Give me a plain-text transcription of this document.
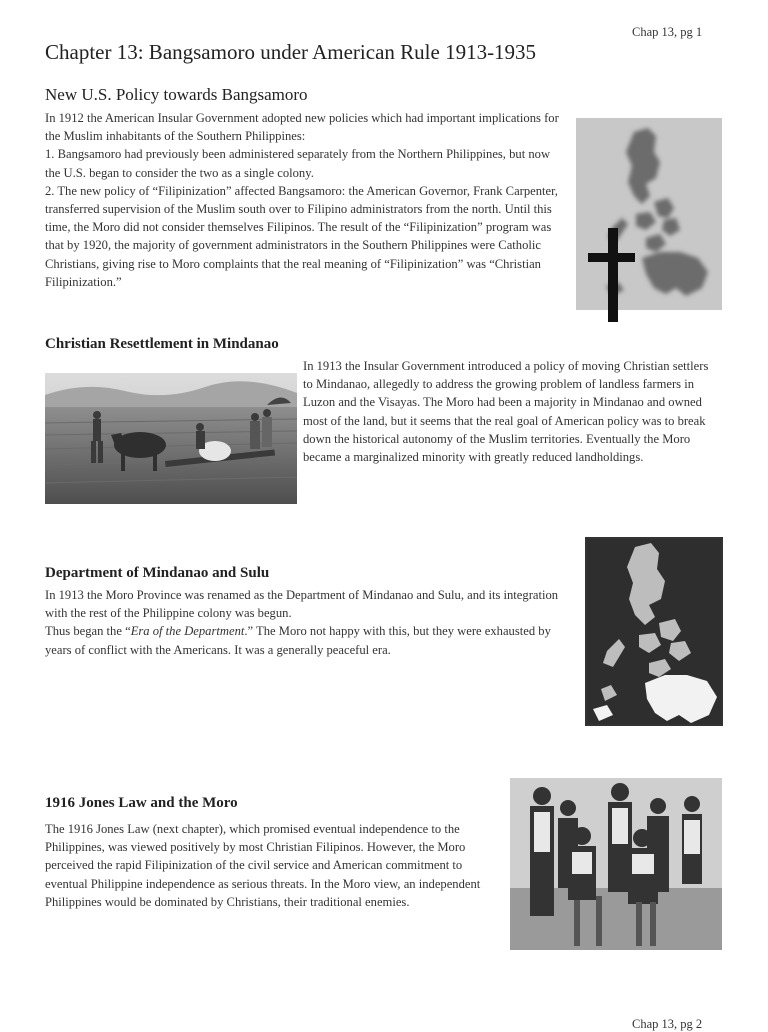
Chap 13, pg 1
Chapter 13: Bangsamoro under American Rule 1913-1935
New U.S. Policy towards Bangsamoro

In 1912 the American Insular Government adopted new policies which had important implications for the Muslim inhabitants of the Southern Philippines:

1. Bangsamoro had previously been administered separately from the Northern Philippines, but now the U.S. began to consider the two as a single colony.

2. The new policy of “Filipinization” affected Bangsamoro: the American Governor, Frank Carpenter, transferred supervision of the Muslim south over to Filipino administrators from the north. Until this time, the Moro did not consider themselves Filipinos. The result of the “Filipinization” program was that by 1920, the majority of government administrators in the Southern Philippines were Catholic Christians, giving rise to Moro complaints that the real meaning of “Filipinization” was “Christian Filipinization.”

Christian Resettlement in Mindanao
In 1913 the Insular Government introduced a policy of moving Christian settlers to Mindanao, allegedly to address the growing problem of landless farmers in Luzon and the Visayas. The Moro had been a majority in Mindanao and owned most of the land, but it seems that the real goal of American policy was to break down the historical autonomy of the Muslim territories. Eventually the Moro became a marginalized minority with greatly reduced landholdings.
Department of Mindanao and Sulu

In 1913 the Moro Province was renamed as the Department of Mindanao and Sulu, and its integration with the rest of the Philippine colony was begun.

Thus began the “Era of the Department.” The Moro not happy with this, but they were exhausted by years of conflict with the Americans. It was a generally peaceful era.

1916 Jones Law and the Moro
The 1916 Jones Law (next chapter), which promised eventual independence to the Philippines, was viewed positively by most Christian Filipinos. However, the Moro perceived the rapid Filipinization of the civil service and American commitment to eventual Philippine independence as serious threats. In the Moro view, an independent Philippines would be dominated by Christians, their traditional enemies.
Chap 13, pg 2
